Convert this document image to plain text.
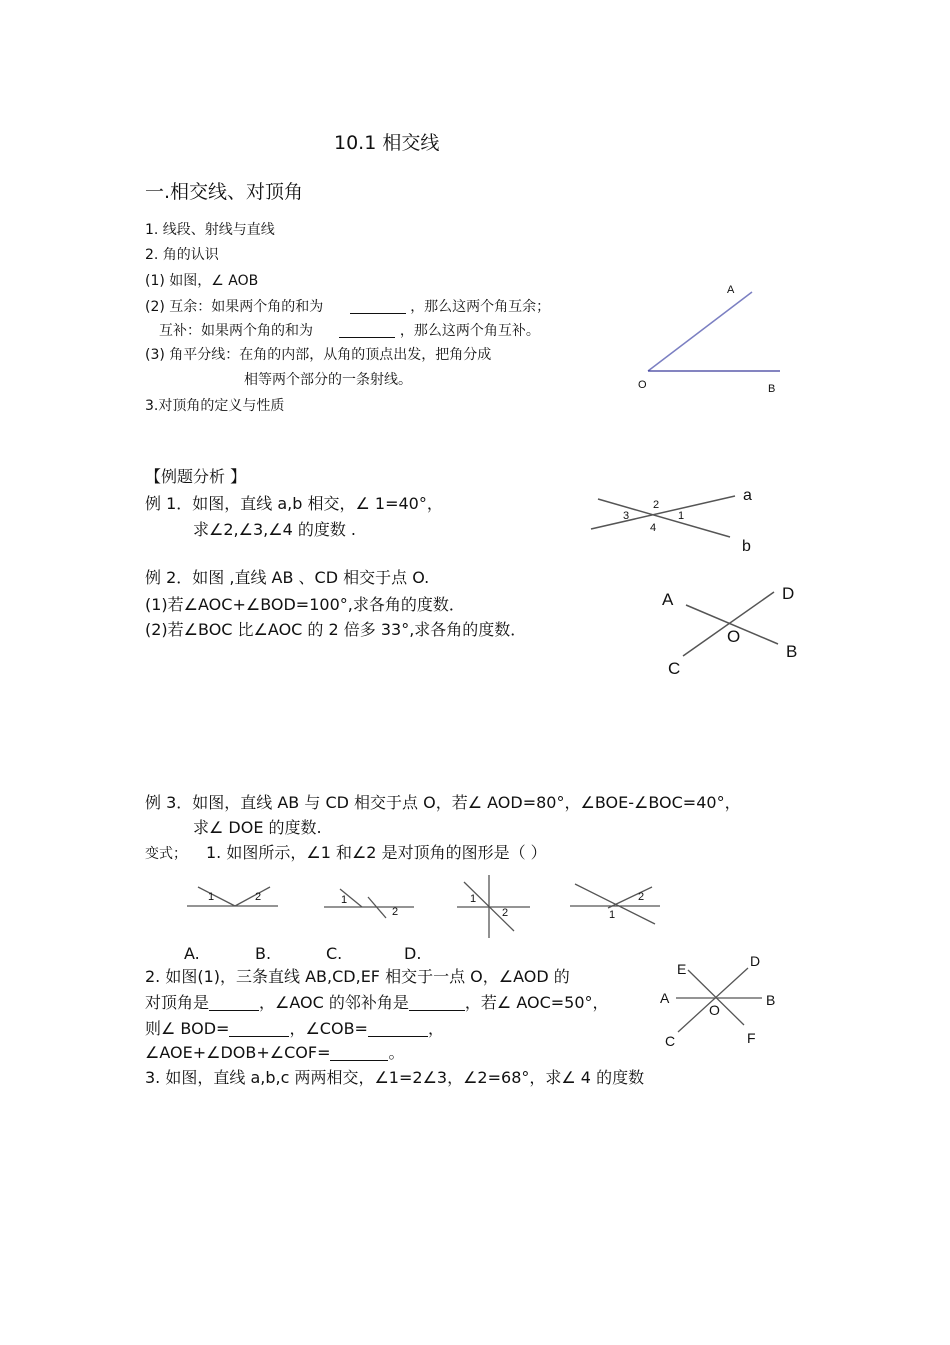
10.1 相交线
一.相交线、对顶角
1. 线段、射线与直线
2. 角的认识
(1) 如图，∠ AOB
(2) 互余：如果两个角的和为	，那么这两个角互余；
互补：如果两个角的和为	，那么这两个角互补。
(3) 角平分线：在角的内部，从角的顶点出发，把角分成
相等两个部分的一条射线。
3.对顶角的定义与性质
A
O	B
【例题分析 】
例 1．如图，直线 a,b 相交，∠ 1=40°，
求∠2,∠3,∠4 的度数 .
a
b
2
3	1
4
例 2．如图 ,直线 AB 、CD 相交于点 O.
(1)若∠AOC+∠BOD=100°,求各角的度数．
(2)若∠BOC 比∠AOC 的 2 倍多 33°,求各角的度数．
A	D
O
B
C
例 3．如图，直线 AB 与 CD 相交于点 O，若∠ AOD=80°，∠BOE-∠BOC=40°，
求∠ DOE 的度数.
变式； 1. 如图所示，∠1 和∠2 是对顶角的图形是（ ）
1	2	1
2
1
2
2
1
A.	B.	C.	D.
2. 如图(1)，三条直线 AB,CD,EF 相交于一点 O，∠AOD 的
对顶角是	，∠AOC 的邻补角是	，若∠ AOC=50°，
则∠ BOD=	，∠COB=	，
∠AOE+∠DOB+∠COF=	。
E	D
A	B
O
C	F
3. 如图，直线 a,b,c 两两相交，∠1=2∠3，∠2=68°，求∠ 4 的度数
